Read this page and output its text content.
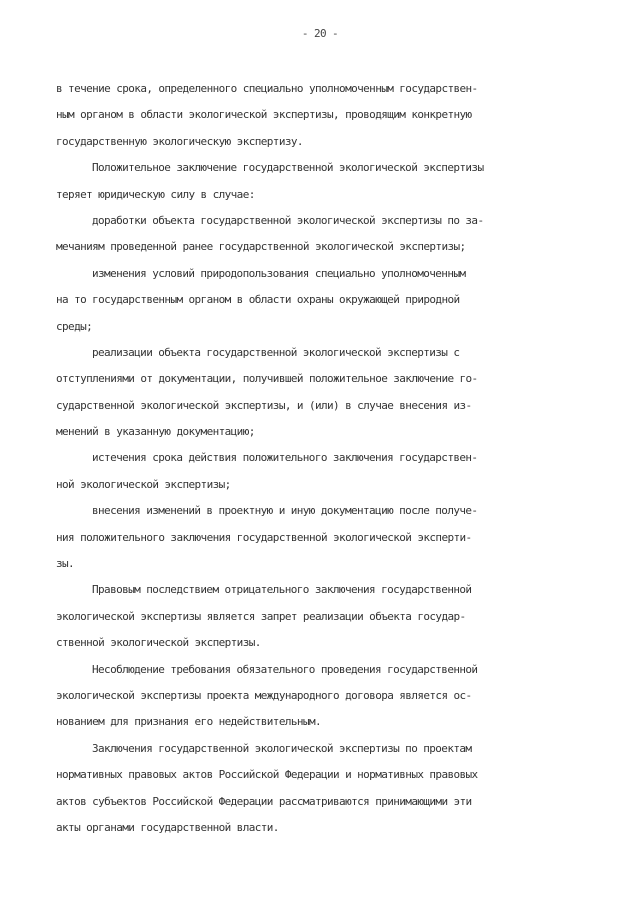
- 20 -
в течение срока, определенного специально уполномоченным государствен-
ным органом в области экологической экспертизы, проводящим конкретную
государственную экологическую экспертизу.
Положительное заключение государственной экологической экспертизы
теряет юридическую силу в случае:
доработки объекта государственной экологической экспертизы по за-
мечаниям проведенной ранее государственной экологической экспертизы;
изменения условий природопользования специально уполномоченным
на то государственным органом в области охраны окружающей природной
среды;
реализации объекта государственной экологической экспертизы с
отступлениями от документации, получившей положительное заключение го-
сударственной экологической экспертизы, и (или) в случае внесения из-
менений в указанную документацию;
истечения срока действия положительного заключения государствен-
ной экологической экспертизы;
внесения изменений в проектную и иную документацию после получе-
ния положительного заключения государственной экологической эксперти-
зы.
Правовым последствием отрицательного заключения государственной
экологической экспертизы является запрет реализации объекта государ-
ственной экологической экспертизы.
Несоблюдение требования обязательного проведения государственной
экологической экспертизы проекта международного договора является ос-
нованием для признания его недействительным.
Заключения государственной экологической экспертизы по проектам
нормативных правовых актов Российской Федерации и нормативных правовых
актов субъектов Российской Федерации рассматриваются принимающими эти
акты органами государственной власти.
